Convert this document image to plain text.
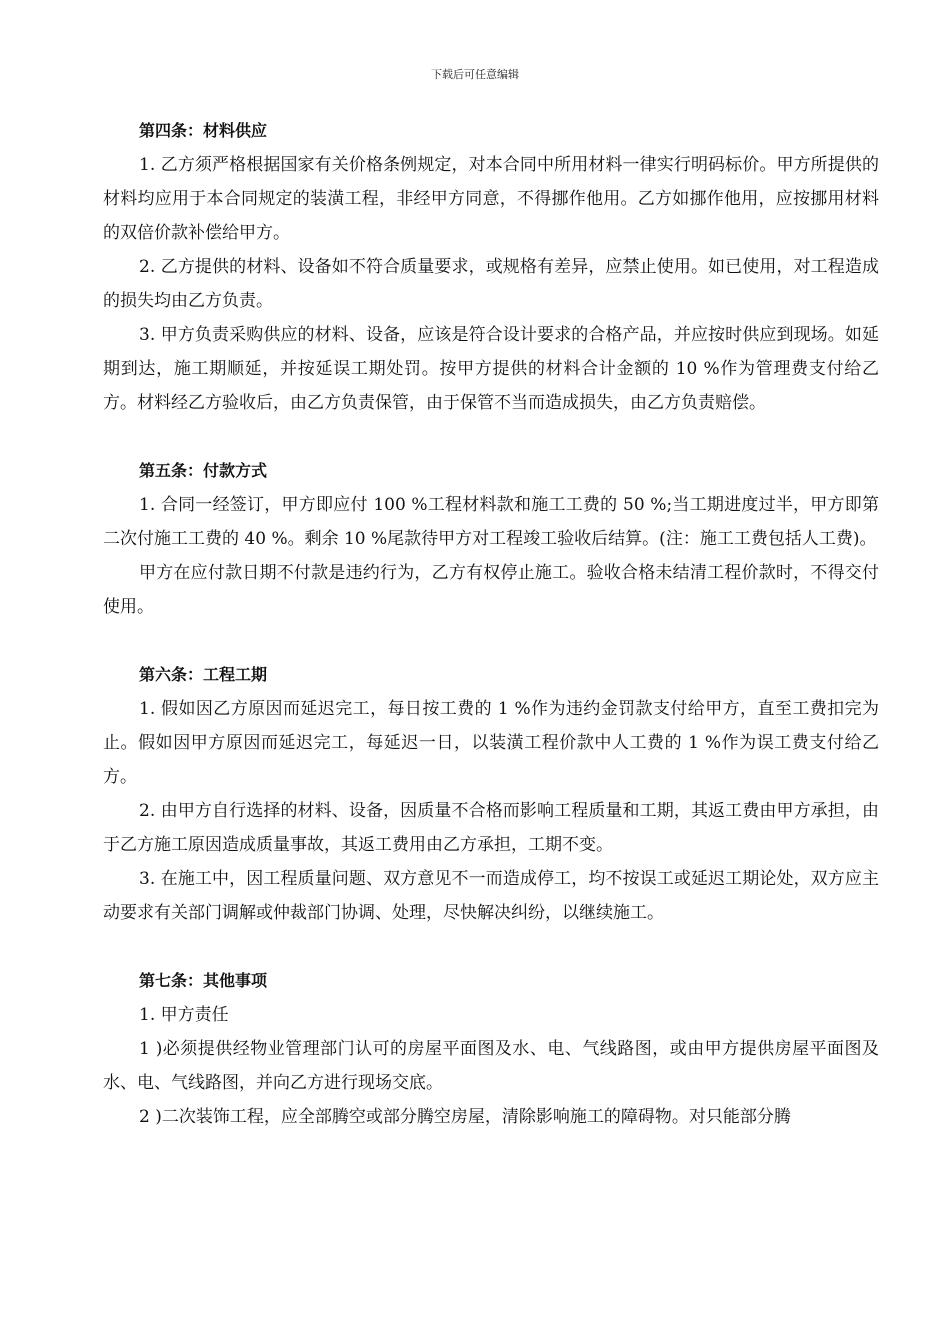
下载后可任意编辑
第四条：材料供应

1. 乙方须严格根据国家有关价格条例规定，对本合同中所用材料一律实行明码标价。甲方所提供的材料均应用于本合同规定的装潢工程，非经甲方同意，不得挪作他用。乙方如挪作他用，应按挪用材料的双倍价款补偿给甲方。

2. 乙方提供的材料、设备如不符合质量要求，或规格有差异，应禁止使用。如已使用，对工程造成的损失均由乙方负责。

3. 甲方负责采购供应的材料、设备，应该是符合设计要求的合格产品，并应按时供应到现场。如延期到达，施工期顺延，并按延误工期处罚。按甲方提供的材料合计金额的 10 %作为管理费支付给乙方。材料经乙方验收后，由乙方负责保管，由于保管不当而造成损失，由乙方负责赔偿。

第五条：付款方式

1. 合同一经签订，甲方即应付 100 %工程材料款和施工工费的 50 %;当工期进度过半，甲方即第二次付施工工费的 40 %。剩余 10 %尾款待甲方对工程竣工验收后结算。(注：施工工费包括人工费)。

甲方在应付款日期不付款是违约行为，乙方有权停止施工。验收合格未结清工程价款时，不得交付使用。

第六条：工程工期

1. 假如因乙方原因而延迟完工，每日按工费的 1 %作为违约金罚款支付给甲方，直至工费扣完为止。假如因甲方原因而延迟完工，每延迟一日，以装潢工程价款中人工费的 1 %作为误工费支付给乙方。

2. 由甲方自行选择的材料、设备，因质量不合格而影响工程质量和工期，其返工费由甲方承担，由于乙方施工原因造成质量事故，其返工费用由乙方承担，工期不变。

3. 在施工中，因工程质量问题、双方意见不一而造成停工，均不按误工或延迟工期论处，双方应主动要求有关部门调解或仲裁部门协调、处理，尽快解决纠纷，以继续施工。

第七条：其他事项

1. 甲方责任

1 )必须提供经物业管理部门认可的房屋平面图及水、电、气线路图，或由甲方提供房屋平面图及水、电、气线路图，并向乙方进行现场交底。

2 )二次装饰工程，应全部腾空或部分腾空房屋，清除影响施工的障碍物。对只能部分腾
